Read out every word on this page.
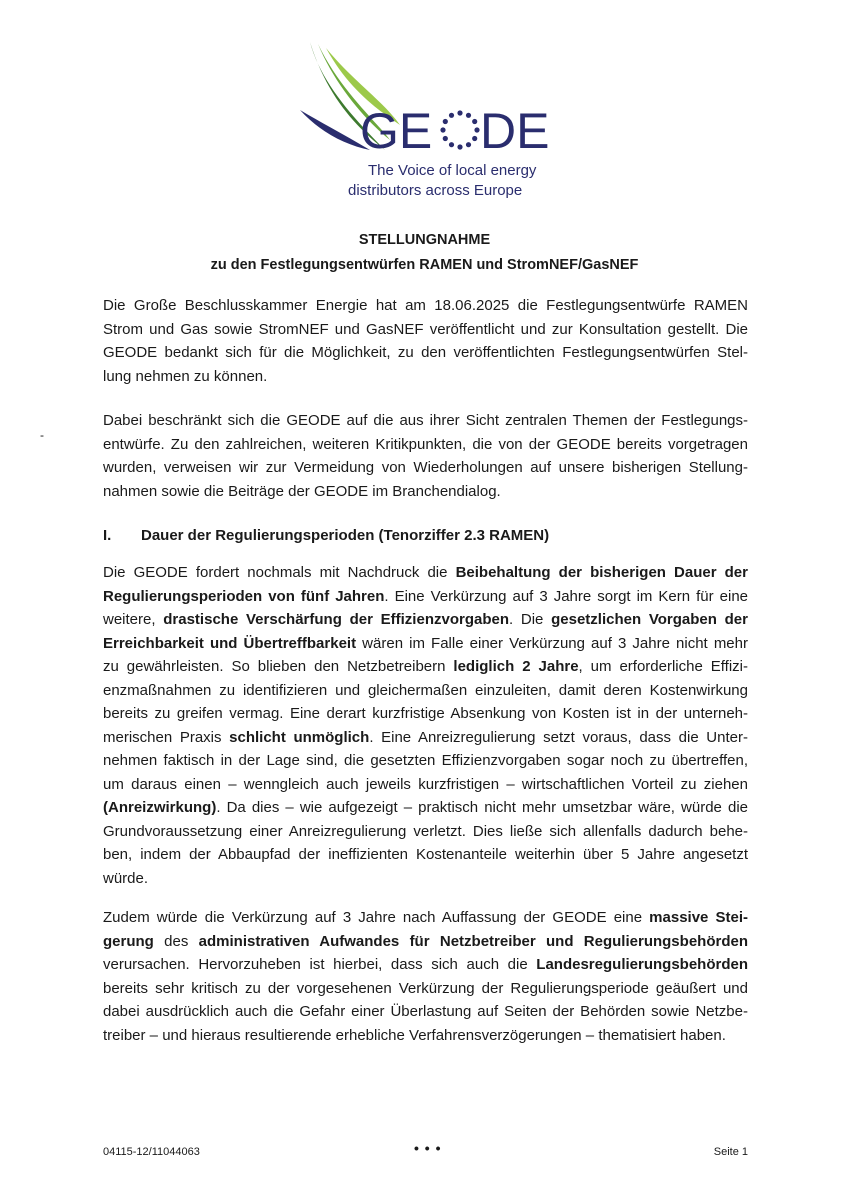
GE DE
The Voice of local energy
distributors across Europe
STELLUNGNAHME
zu den Festlegungsentwürfen RAMEN und StromNEF/GasNEF
Die Große Beschlusskammer Energie hat am 18.06.2025 die Festlegungsentwürfe RAMEN
Strom und Gas sowie StromNEF und GasNEF veröffentlicht und zur Konsultation gestellt. Die
GEODE bedankt sich für die Möglichkeit, zu den veröffentlichten Festlegungsentwürfen Stel-
lung nehmen zu können.
-
Dabei beschränkt sich die GEODE auf die aus ihrer Sicht zentralen Themen der Festlegungs-
entwürfe. Zu den zahlreichen, weiteren Kritikpunkten, die von der GEODE bereits vorgetragen
wurden, verweisen wir zur Vermeidung von Wiederholungen auf unsere bisherigen Stellung-
nahmen sowie die Beiträge der GEODE im Branchendialog.
I. Dauer der Regulierungsperioden (Tenorziffer 2.3 RAMEN)
Die GEODE fordert nochmals mit Nachdruck die Beibehaltung der bisherigen Dauer der
Regulierungsperioden von fünf Jahren. Eine Verkürzung auf 3 Jahre sorgt im Kern für eine
weitere, drastische Verschärfung der Effizienzvorgaben. Die gesetzlichen Vorgaben der
Erreichbarkeit und Übertreffbarkeit wären im Falle einer Verkürzung auf 3 Jahre nicht mehr
zu gewährleisten. So blieben den Netzbetreibern lediglich 2 Jahre, um erforderliche Effizi-
enzmaßnahmen zu identifizieren und gleichermaßen einzuleiten, damit deren Kostenwirkung
bereits zu greifen vermag. Eine derart kurzfristige Absenkung von Kosten ist in der unterneh-
merischen Praxis schlicht unmöglich. Eine Anreizregulierung setzt voraus, dass die Unter-
nehmen faktisch in der Lage sind, die gesetzten Effizienzvorgaben sogar noch zu übertreffen,
um daraus einen – wenngleich auch jeweils kurzfristigen – wirtschaftlichen Vorteil zu ziehen
(Anreizwirkung). Da dies – wie aufgezeigt – praktisch nicht mehr umsetzbar wäre, würde die
Grundvoraussetzung einer Anreizregulierung verletzt. Dies ließe sich allenfalls dadurch behe-
ben, indem der Abbaupfad der ineffizienten Kostenanteile weiterhin über 5 Jahre angesetzt
würde.
Zudem würde die Verkürzung auf 3 Jahre nach Auffassung der GEODE eine massive Stei-
gerung des administrativen Aufwandes für Netzbetreiber und Regulierungsbehörden
verursachen. Hervorzuheben ist hierbei, dass sich auch die Landesregulierungsbehörden
bereits sehr kritisch zu der vorgesehenen Verkürzung der Regulierungsperiode geäußert und
dabei ausdrücklich auch die Gefahr einer Überlastung auf Seiten der Behörden sowie Netzbe-
treiber – und hieraus resultierende erhebliche Verfahrensverzögerungen – thematisiert haben.
04115-12/11044063	• • •	Seite 1
